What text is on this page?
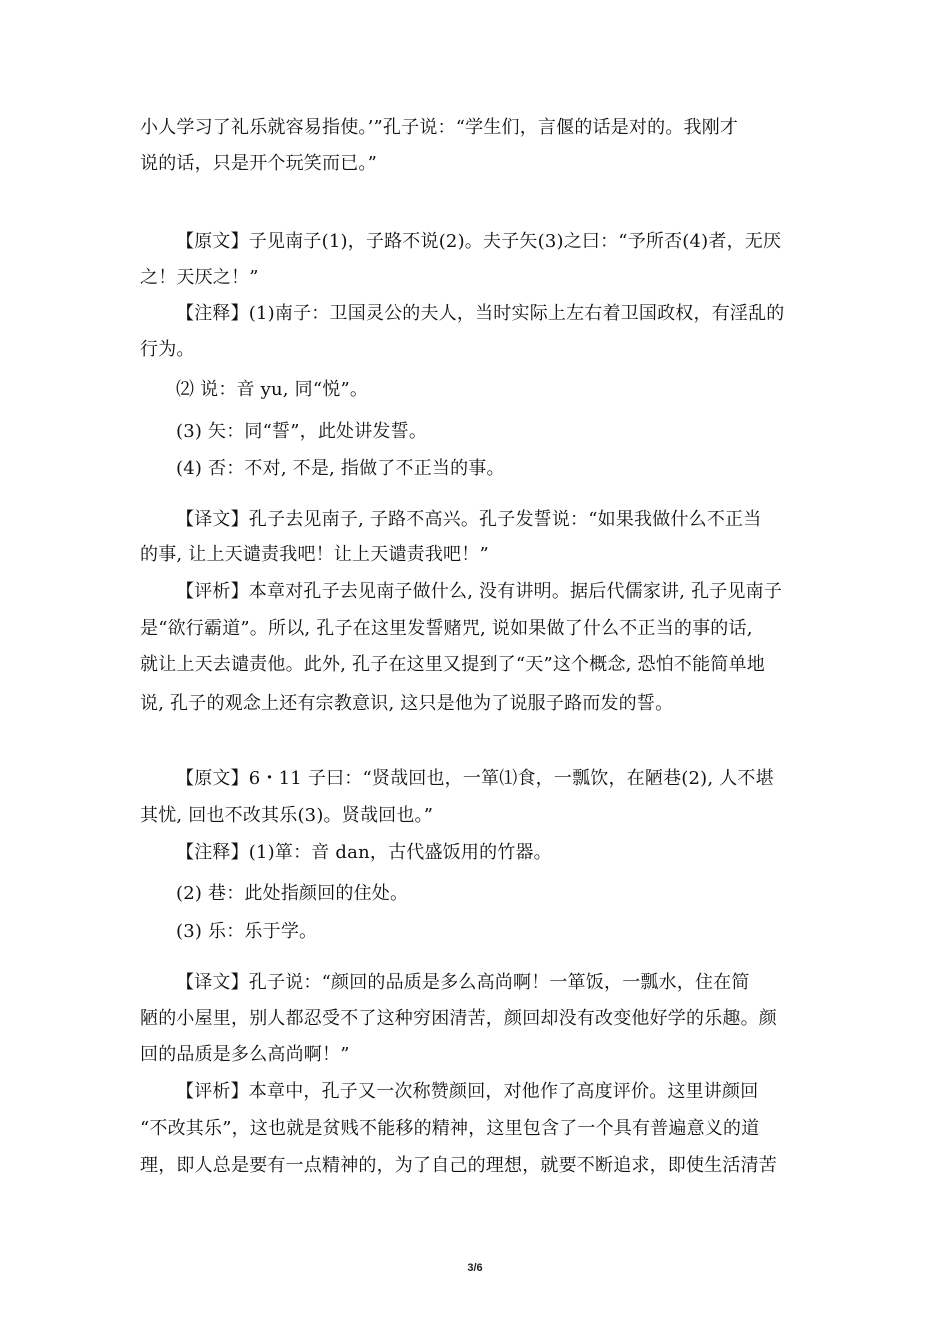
小人学习了礼乐就容易指使。’”孔子说：“学生们，言偃的话是对的。我刚才
说的话，只是开个玩笑而已。”
【原文】子见南子(1)，子路不说(2)。夫子矢(3)之曰：“予所否(4)者，无厌
之！天厌之！”
【注释】(1)南子：卫国灵公的夫人，当时实际上左右着卫国政权，有淫乱的
行为。
⑵ 说：音 yu, 同“悦”。
(3) 矢：同“誓”，此处讲发誓。
(4) 否：不对, 不是, 指做了不正当的事。
【译文】孔子去见南子, 子路不高兴。孔子发誓说：“如果我做什么不正当
的事, 让上天谴责我吧！让上天谴责我吧！”
【评析】本章对孔子去见南子做什么, 没有讲明。据后代儒家讲, 孔子见南子
是“欲行霸道”。所以, 孔子在这里发誓赌咒, 说如果做了什么不正当的事的话,
就让上天去谴责他。此外, 孔子在这里又提到了“天”这个概念, 恐怕不能简单地
说, 孔子的观念上还有宗教意识, 这只是他为了说服子路而发的誓。
【原文】6・11 子曰：“贤哉回也，一箪⑴食，一瓢饮，在陋巷(2), 人不堪
其忧, 回也不改其乐(3)。贤哉回也。”
【注释】(1)箪：音 dan，古代盛饭用的竹器。
(2) 巷：此处指颜回的住处。
(3) 乐：乐于学。
【译文】孔子说：“颜回的品质是多么高尚啊！一箪饭，一瓢水，住在简
陋的小屋里，别人都忍受不了这种穷困清苦，颜回却没有改变他好学的乐趣。颜
回的品质是多么高尚啊！”
【评析】本章中，孔子又一次称赞颜回，对他作了高度评价。这里讲颜回
“不改其乐”，这也就是贫贱不能移的精神，这里包含了一个具有普遍意义的道
理，即人总是要有一点精神的，为了自己的理想，就要不断追求，即使生活清苦
3/6
